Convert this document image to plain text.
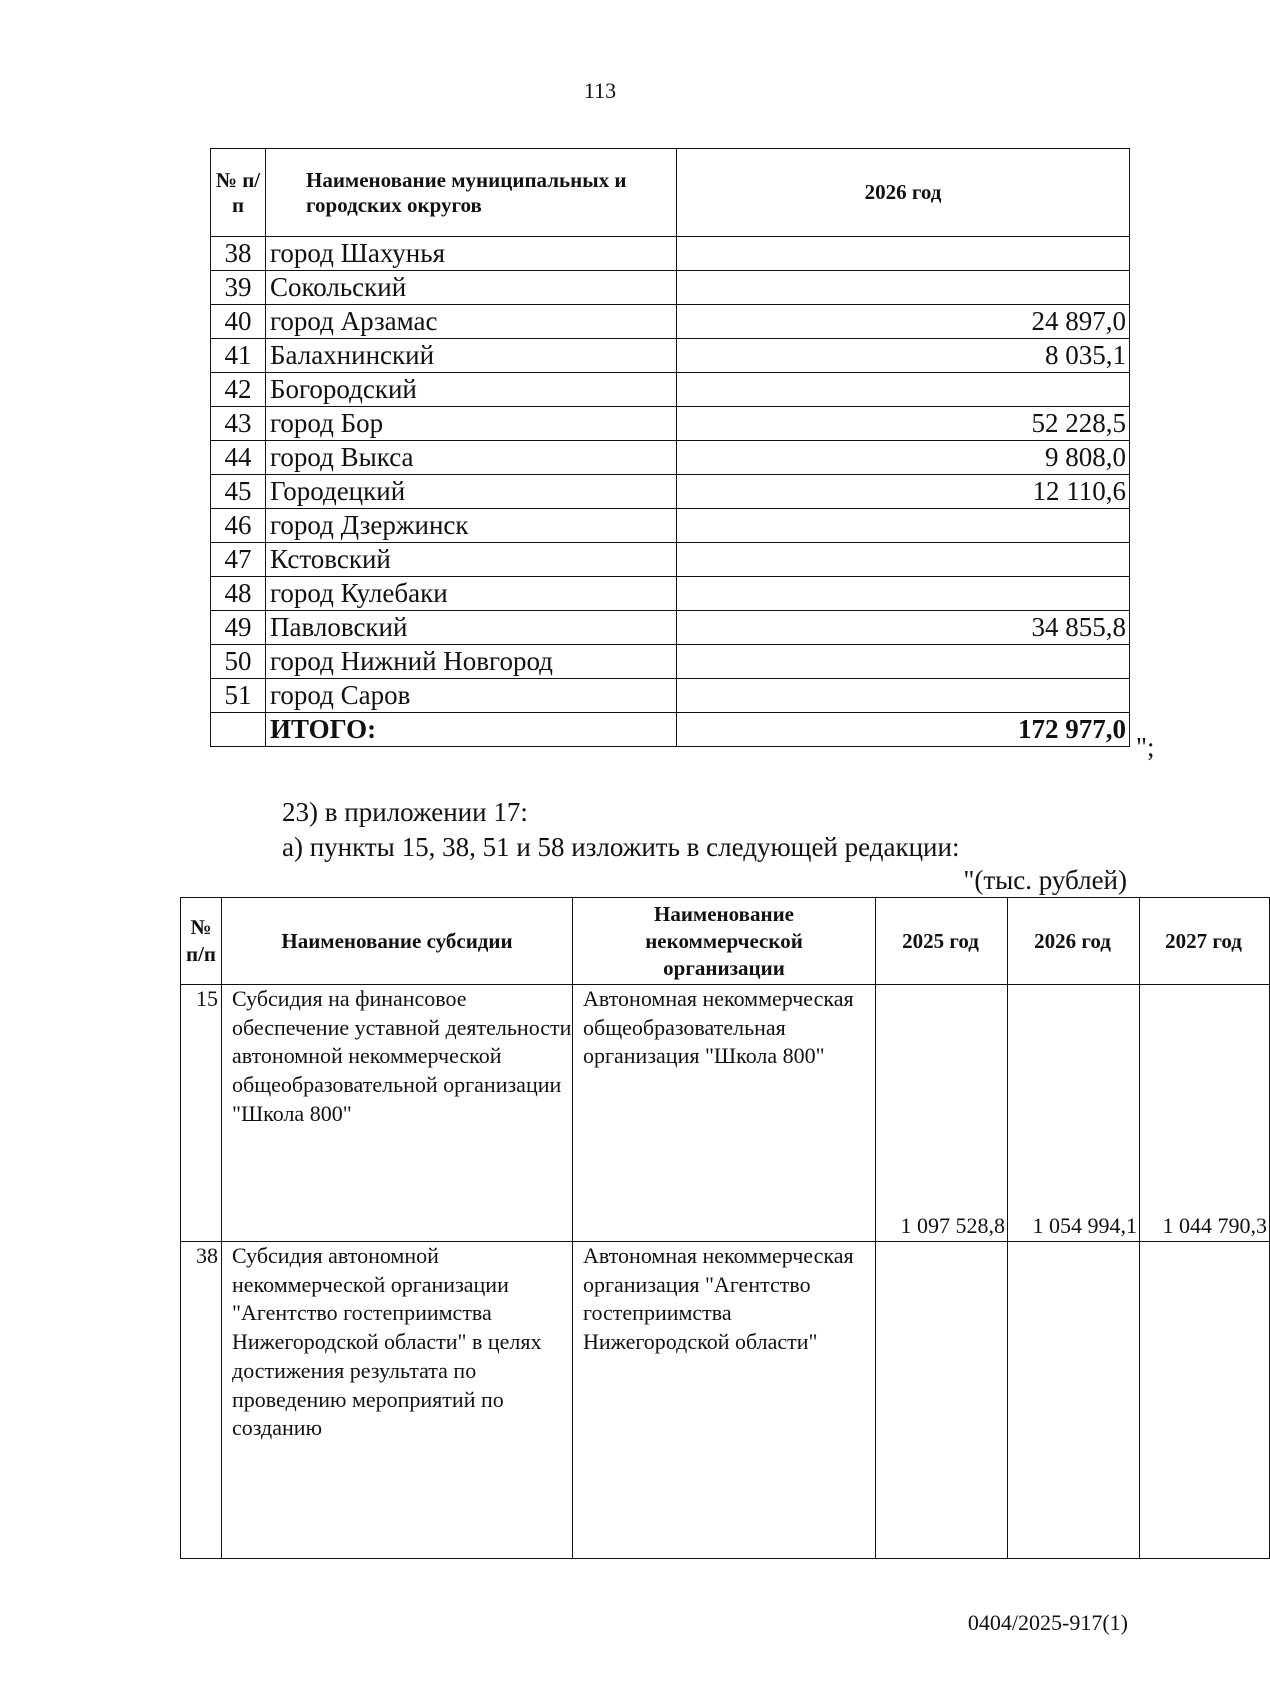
113
№ п/п	Наименование муниципальных и городских округов	2026 год
38	город Шахунья	
39	Сокольский	
40	город Арзамас	24 897,0
41	Балахнинский	8 035,1
42	Богородский	
43	город Бор	52 228,5
44	город Выкса	9 808,0
45	Городецкий	12 110,6
46	город Дзержинск	
47	Кстовский	
48	город Кулебаки	
49	Павловский	34 855,8
50	город Нижний Новгород	
51	город Саров	
	ИТОГО:	172 977,0
";
23) в приложении 17:
а) пункты 15, 38, 51 и 58 изложить в следующей редакции:
"(тыс. рублей)
№ п/п	Наименование субсидии	Наименование некоммерческой организации	2025 год	2026 год	2027 год
15	Субсидия на финансовое обеспечение уставной деятельности автономной некоммерческой общеобразовательной организации "Школа 800"	Автономная некоммерческая общеобразовательная организация "Школа 800"	1 097 528,8	1 054 994,1	1 044 790,3
38	Субсидия автономной некоммерческой организации "Агентство гостеприимства Нижегородской области" в целях достижения результата по проведению мероприятий по созданию	Автономная некоммерческая организация "Агентство гостеприимства Нижегородской области"			
0404/2025-917(1)
